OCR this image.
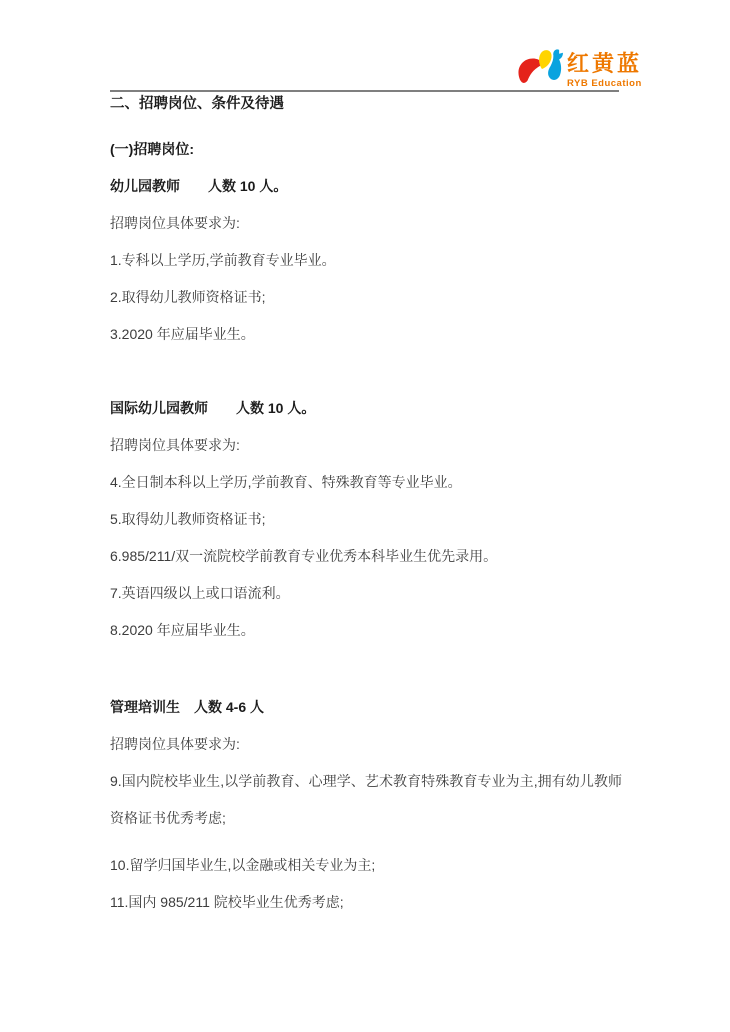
红黄蓝
RYB Education

二、招聘岗位、条件及待遇

(一)招聘岗位:

幼儿园教师　　人数 10 人。

招聘岗位具体要求为:

1.专科以上学历,学前教育专业毕业。

2.取得幼儿教师资格证书;

3.2020 年应届毕业生。

国际幼儿园教师　　人数 10 人。

招聘岗位具体要求为:

4.全日制本科以上学历,学前教育、特殊教育等专业毕业。

5.取得幼儿教师资格证书;

6.985/211/双一流院校学前教育专业优秀本科毕业生优先录用。

7.英语四级以上或口语流利。

8.2020 年应届毕业生。

管理培训生　人数 4-6 人

招聘岗位具体要求为:

9.国内院校毕业生,以学前教育、心理学、艺术教育特殊教育专业为主,拥有幼儿教师资格证书优秀考虑;

10.留学归国毕业生,以金融或相关专业为主;

11.国内 985/211 院校毕业生优秀考虑;
